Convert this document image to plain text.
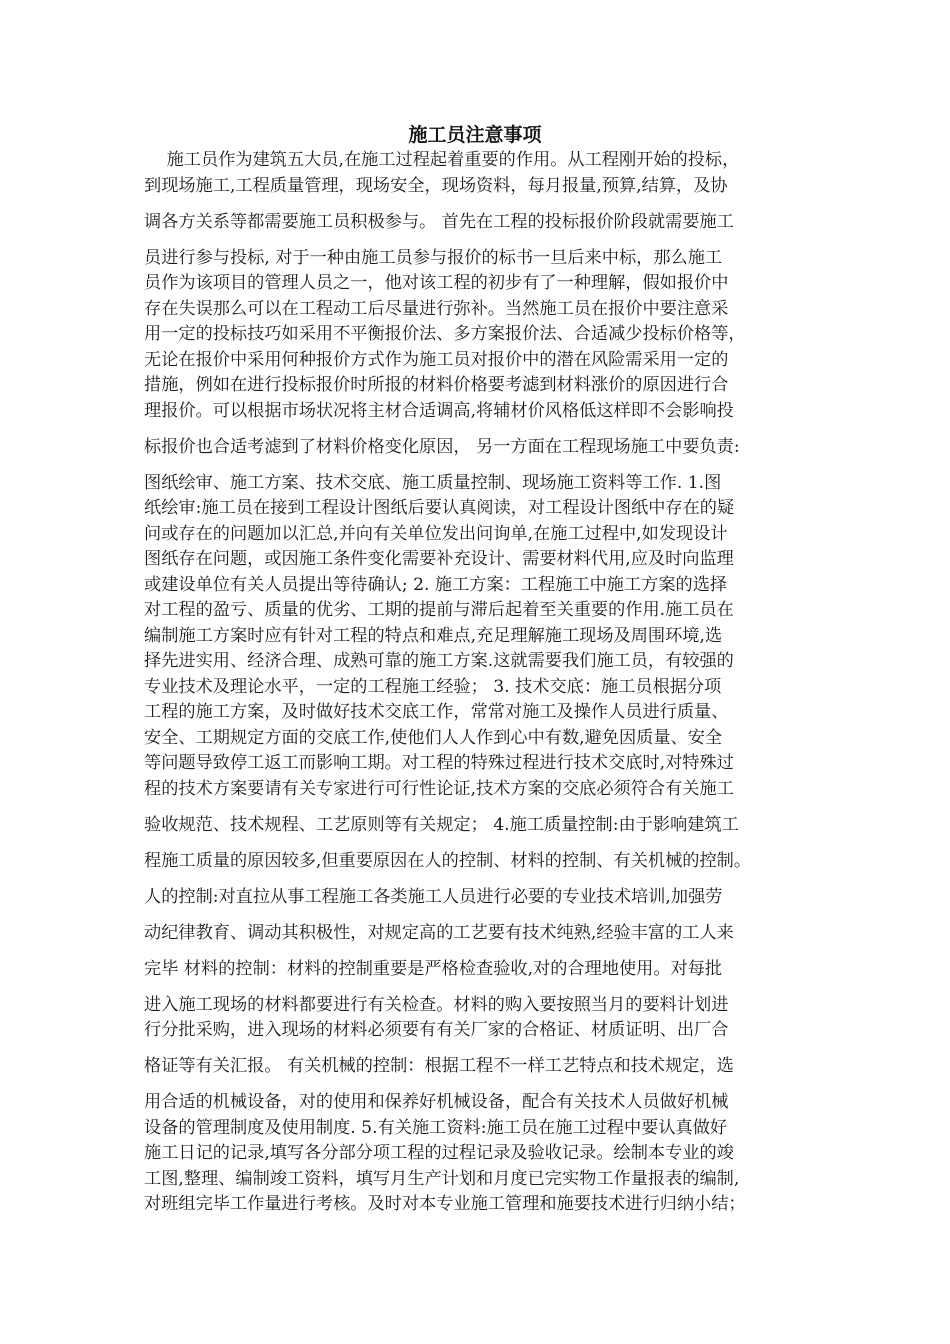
施工员注意事项
　 施工员作为建筑五大员,在施工过程起着重要的作用。从工程刚开始的投标，
到现场施工,工程质量管理，现场安全，现场资料，每月报量,预算,结算，及协
调各方关系等都需要施工员积极参与。 首先在工程的投标报价阶段就需要施工
员进行参与投标, 对于一种由施工员参与报价的标书一旦后来中标，那么施工
员作为该项目的管理人员之一，他对该工程的初步有了一种理解，假如报价中
存在失误那么可以在工程动工后尽量进行弥补。当然施工员在报价中要注意采
用一定的投标技巧如采用不平衡报价法、多方案报价法、合适减少投标价格等，
无论在报价中采用何种报价方式作为施工员对报价中的潜在风险需采用一定的
措施，例如在进行投标报价时所报的材料价格要考滤到材料涨价的原因进行合
理报价。可以根据市场状况将主材合适调高,将辅材价风格低这样即不会影响投
标报价也合适考滤到了材料价格变化原因， 另一方面在工程现场施工中要负责:
图纸绘审、施工方案、技术交底、施工质量控制、现场施工资料等工作. 1.图
纸绘审:施工员在接到工程设计图纸后要认真阅读，对工程设计图纸中存在的疑
问或存在的问题加以汇总,并向有关单位发出问询单,在施工过程中,如发现设计
图纸存在问题，或因施工条件变化需要补充设计、需要材料代用,应及时向监理
或建设单位有关人员提出等待确认; 2. 施工方案：工程施工中施工方案的选择
对工程的盈亏、质量的优劣、工期的提前与滞后起着至关重要的作用.施工员在
编制施工方案时应有针对工程的特点和难点,充足理解施工现场及周围环境,选
择先进实用、经济合理、成熟可靠的施工方案.这就需要我们施工员，有较强的
专业技术及理论水平，一定的工程施工经验； 3. 技术交底：施工员根据分项
工程的施工方案，及时做好技术交底工作，常常对施工及操作人员进行质量、
安全、工期规定方面的交底工作,使他们人人作到心中有数,避免因质量、安全
等问题导致停工返工而影响工期。对工程的特殊过程进行技术交底时,对特殊过
程的技术方案要请有关专家进行可行性论证,技术方案的交底必须符合有关施工
验收规范、技术规程、工艺原则等有关规定； 4.施工质量控制:由于影响建筑工
程施工质量的原因较多,但重要原因在人的控制、材料的控制、有关机械的控制。
人的控制:对直拉从事工程施工各类施工人员进行必要的专业技术培训,加强劳
动纪律教育、调动其积极性，对规定高的工艺要有技术纯熟,经验丰富的工人来
完毕 材料的控制：材料的控制重要是严格检查验收,对的合理地使用。对每批
进入施工现场的材料都要进行有关检查。材料的购入要按照当月的要料计划进
行分批采购，进入现场的材料必须要有有关厂家的合格证、材质证明、出厂合
格证等有关汇报。 有关机械的控制：根据工程不一样工艺特点和技术规定，选
用合适的机械设备，对的使用和保养好机械设备，配合有关技术人员做好机械
设备的管理制度及使用制度. 5.有关施工资料:施工员在施工过程中要认真做好
施工日记的记录,填写各分部分项工程的过程记录及验收记录。绘制本专业的竣
工图,整理、编制竣工资料，填写月生产计划和月度已完实物工作量报表的编制,
对班组完毕工作量进行考核。及时对本专业施工管理和施要技术进行归纳小结；
